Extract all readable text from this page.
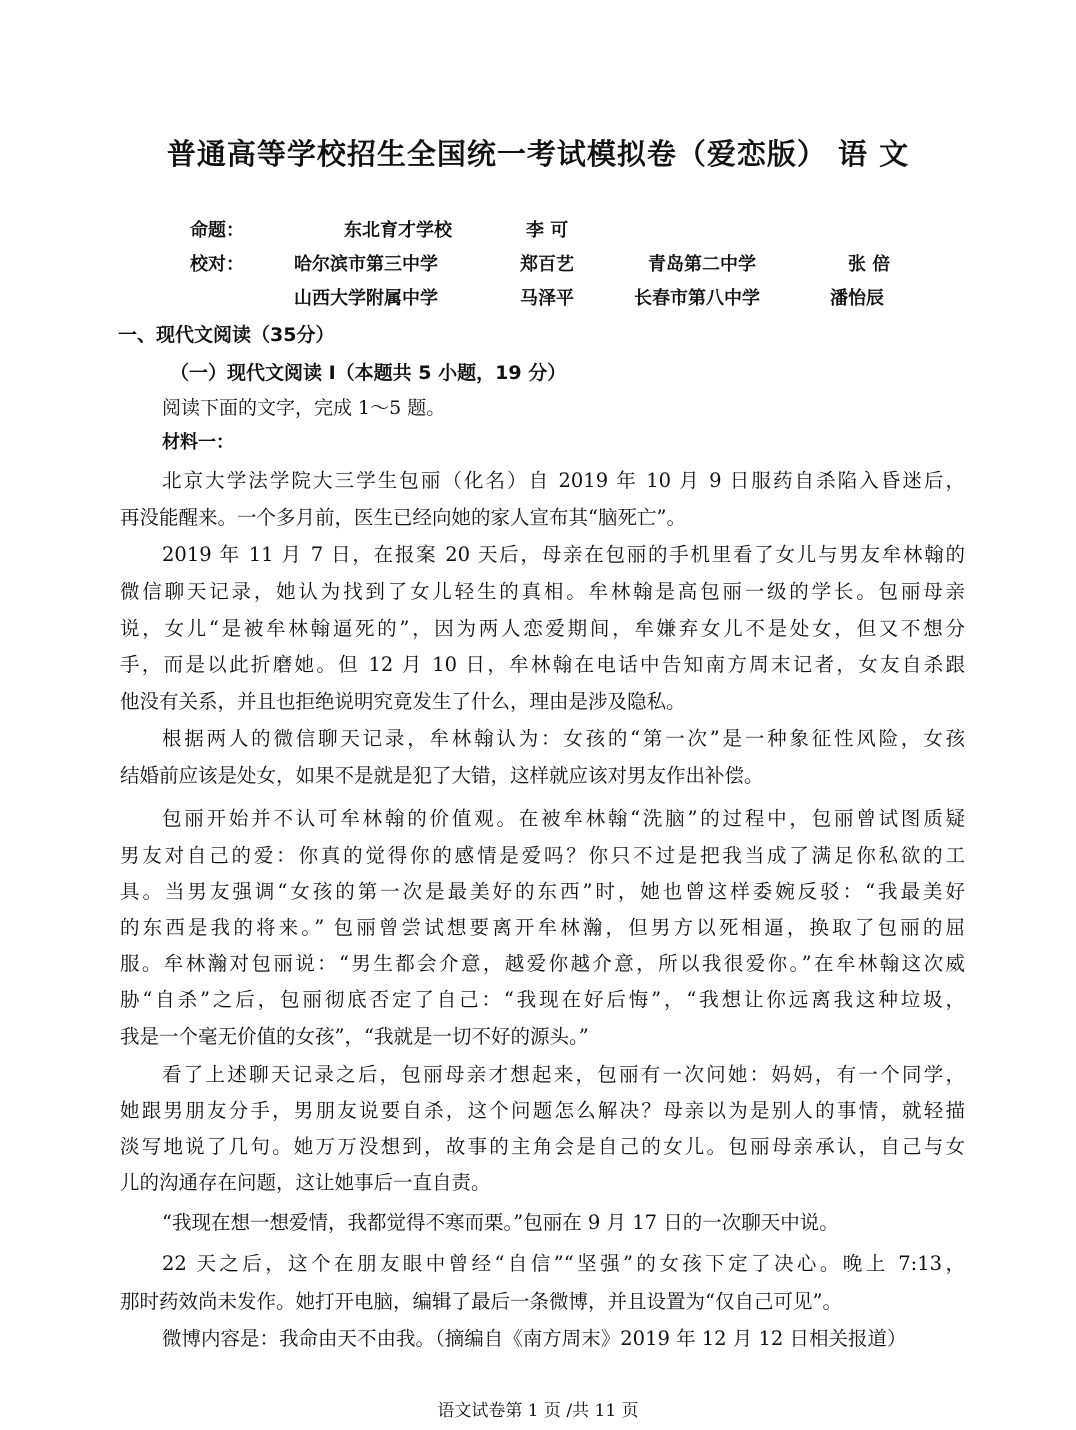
普通高等学校招生全国统一考试模拟卷（爱恋版） 语 文
命题：	东北育才学校	李 可
校对：	哈尔滨市第三中学	郑百艺	青岛第二中学	张 倍
山西大学附属中学	马泽平	长春市第八中学	潘怡辰
一、现代文阅读（35分）
（一）现代文阅读 I（本题共 5 小题，19 分）
阅读下面的文字，完成 1～5 题。
材料一：
北京大学法学院大三学生包丽（化名）自 2019 年 10 月 9 日服药自杀陷入昏迷后，
再没能醒来。一个多月前，医生已经向她的家人宣布其“脑死亡”。
2019 年 11 月 7 日，在报案 20 天后，母亲在包丽的手机里看了女儿与男友牟林翰的
微信聊天记录，她认为找到了女儿轻生的真相。牟林翰是高包丽一级的学长。包丽母亲
说，女儿“是被牟林翰逼死的”，因为两人恋爱期间，牟嫌弃女儿不是处女，但又不想分
手，而是以此折磨她。但 12 月 10 日，牟林翰在电话中告知南方周末记者，女友自杀跟
他没有关系，并且也拒绝说明究竟发生了什么，理由是涉及隐私。
根据两人的微信聊天记录，牟林翰认为：女孩的“第一次”是一种象征性风险，女孩
结婚前应该是处女，如果不是就是犯了大错，这样就应该对男友作出补偿。
包丽开始并不认可牟林翰的价值观。在被牟林翰“洗脑”的过程中，包丽曾试图质疑
男友对自己的爱：你真的觉得你的感情是爱吗？你只不过是把我当成了满足你私欲的工
具。当男友强调“女孩的第一次是最美好的东西”时，她也曾这样委婉反驳：“我最美好
的东西是我的将来。” 包丽曾尝试想要离开牟林瀚，但男方以死相逼，换取了包丽的屈
服。牟林瀚对包丽说：“男生都会介意，越爱你越介意，所以我很爱你。”在牟林翰这次威
胁“自杀”之后，包丽彻底否定了自己：“我现在好后悔”，“我想让你远离我这种垃圾，
我是一个毫无价值的女孩”，“我就是一切不好的源头。”
看了上述聊天记录之后，包丽母亲才想起来，包丽有一次问她：妈妈，有一个同学，
她跟男朋友分手，男朋友说要自杀，这个问题怎么解决？母亲以为是别人的事情，就轻描
淡写地说了几句。她万万没想到，故事的主角会是自己的女儿。包丽母亲承认，自己与女
儿的沟通存在问题，这让她事后一直自责。
“我现在想一想爱情，我都觉得不寒而栗。”包丽在 9 月 17 日的一次聊天中说。
22 天之后，这个在朋友眼中曾经“自信”“坚强”的女孩下定了决心。晚上 7:13，
那时药效尚未发作。她打开电脑，编辑了最后一条微博，并且设置为“仅自己可见”。
微博内容是：我命由天不由我。（摘编自《南方周末》2019 年 12 月 12 日相关报道）
语文试卷第 1 页 /共 11 页
